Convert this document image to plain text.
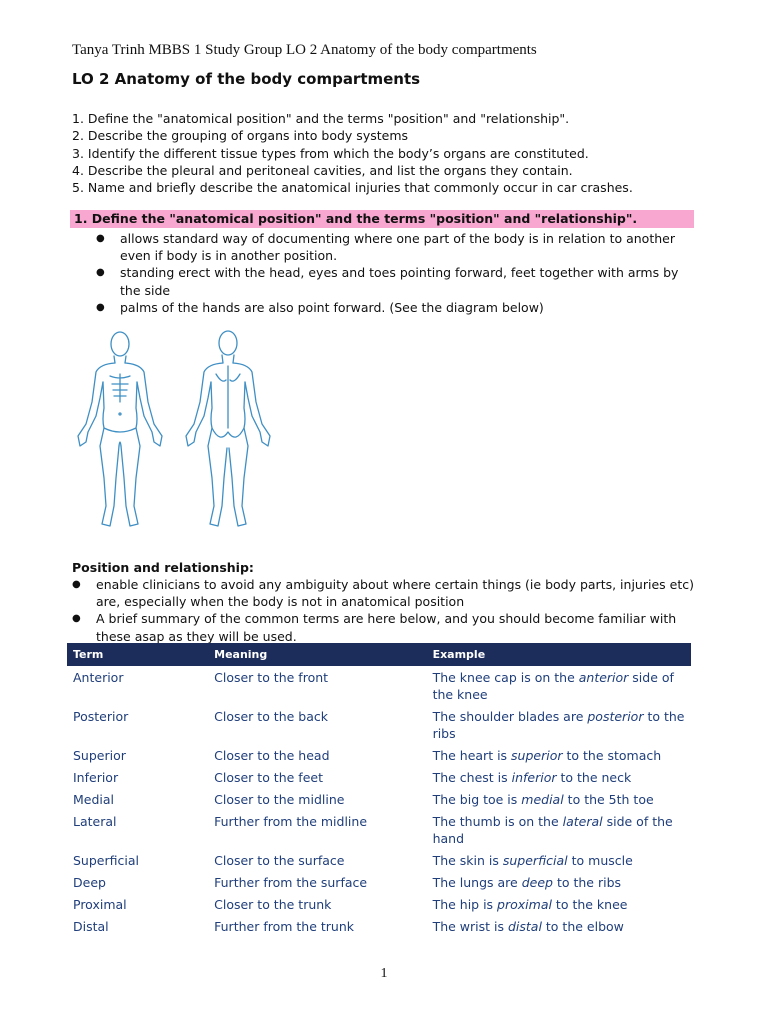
Tanya Trinh MBBS 1 Study Group LO 2 Anatomy of the body compartments
LO 2 Anatomy of the body compartments
1. Define the "anatomical position" and the terms "position" and "relationship".
2. Describe the grouping of organs into body systems
3. Identify the different tissue types from which the body’s organs are constituted.
4. Describe the pleural and peritoneal cavities, and list the organs they contain.
5. Name and briefly describe the anatomical injuries that commonly occur in car crashes.
1. Define the "anatomical position" and the terms "position" and "relationship".
● allows standard way of documenting where one part of the body is in relation to another even if body is in another position.
● standing erect with the head, eyes and toes pointing forward, feet together with arms by the side
● palms of the hands are also point forward. (See the diagram below)
Position and relationship:
● enable clinicians to avoid any ambiguity about where certain things (ie body parts, injuries etc) are, especially when the body is not in anatomical position
● A brief summary of the common terms are here below, and you should become familiar with these asap as they will be used.
Term	Meaning	Example
Anterior	Closer to the front	The knee cap is on the anterior side of the knee
Posterior	Closer to the back	The shoulder blades are posterior to the ribs
Superior	Closer to the head	The heart is superior to the stomach
Inferior	Closer to the feet	The chest is inferior to the neck
Medial	Closer to the midline	The big toe is medial to the 5th toe
Lateral	Further from the midline	The thumb is on the lateral side of the hand
Superficial	Closer to the surface	The skin is superficial to muscle
Deep	Further from the surface	The lungs are deep to the ribs
Proximal	Closer to the trunk	The hip is proximal to the knee
Distal	Further from the trunk	The wrist is distal to the elbow
1
